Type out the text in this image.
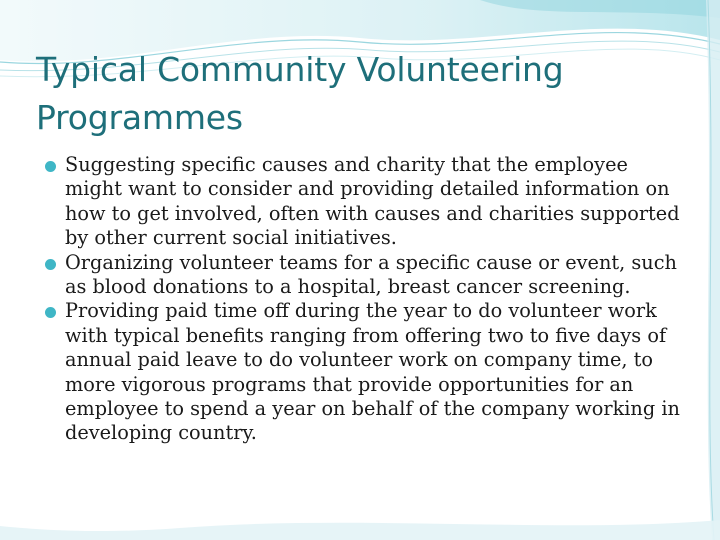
Typical Community Volunteering Programmes
Suggesting specific causes and charity that the employee might want to consider and providing detailed information on how to get involved, often with causes and charities supported by other current social initiatives.
Organizing volunteer teams for a specific cause or event, such as blood donations to a hospital, breast cancer screening.
Providing paid time off during the year to do volunteer work with typical benefits ranging from offering two to five days of annual paid leave to do volunteer work on company time, to more vigorous programs that provide opportunities for an employee to spend a year on behalf of the company working in developing country.
